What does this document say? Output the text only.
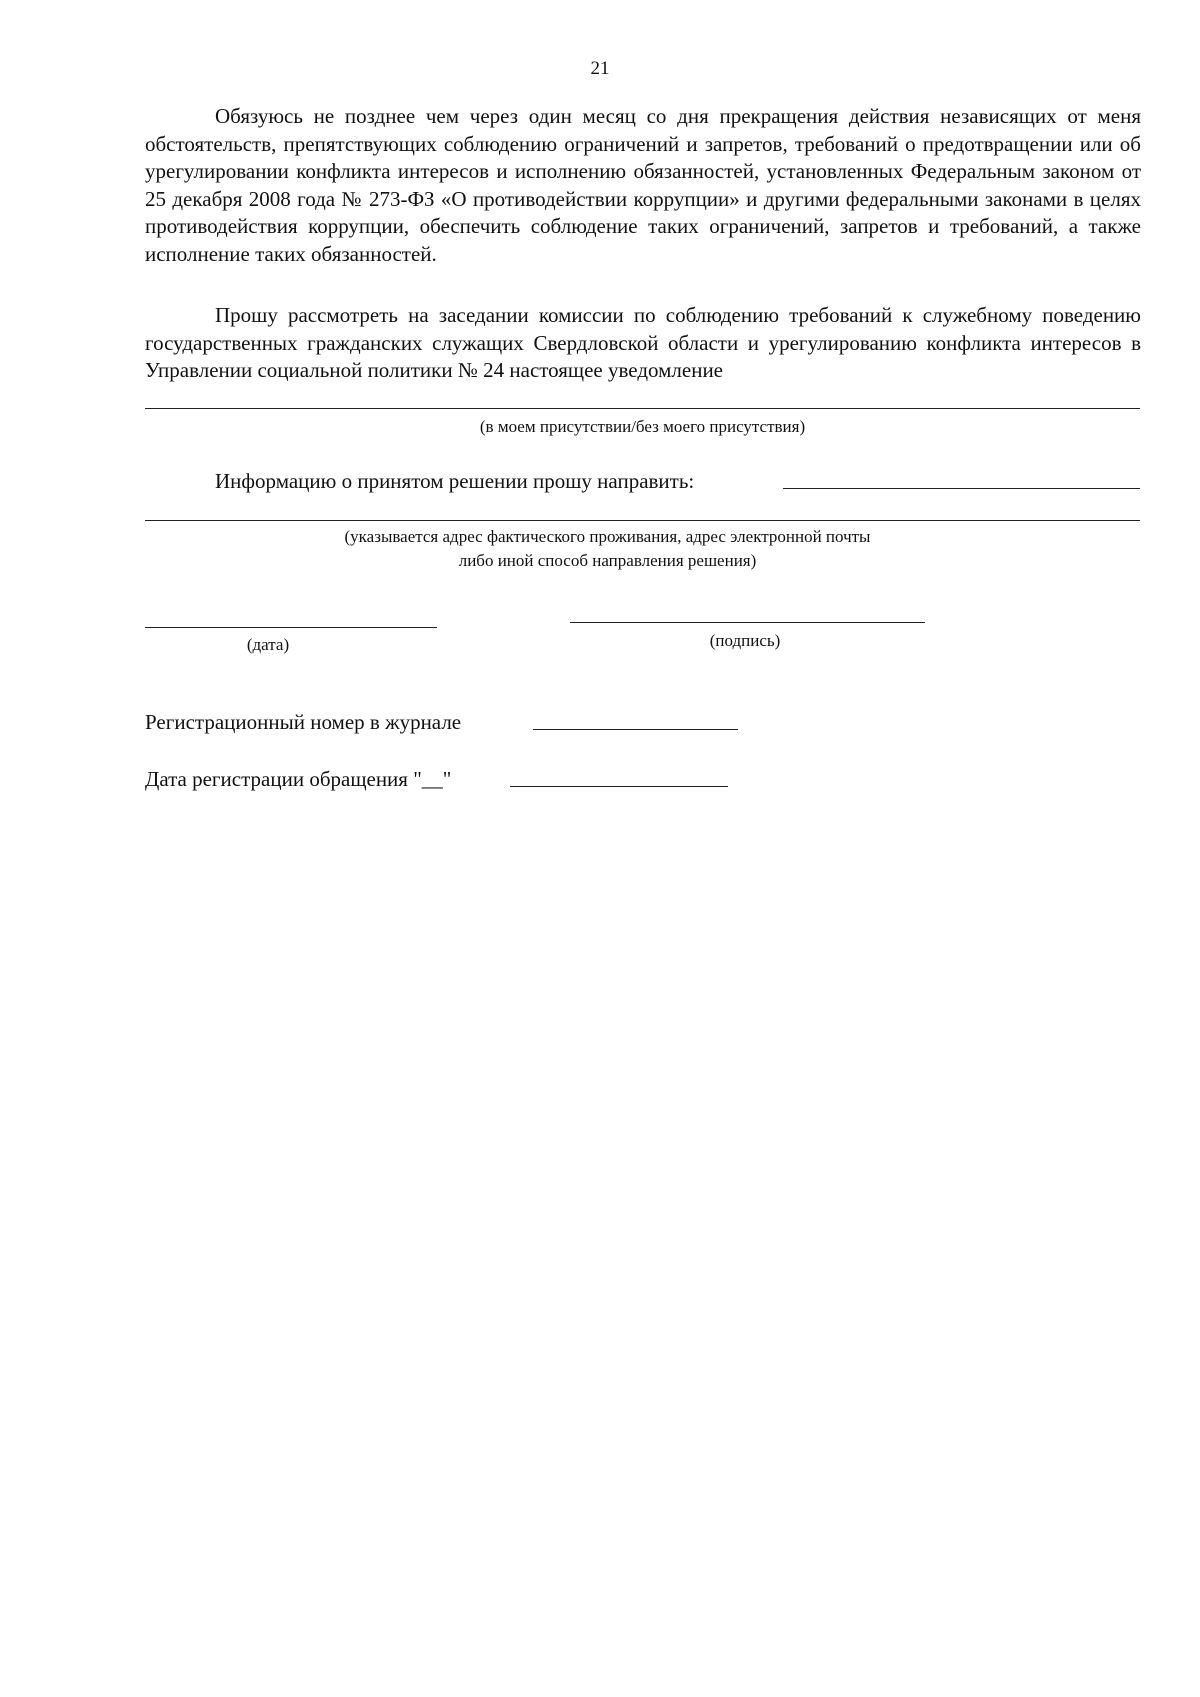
21

Обязуюсь не позднее чем через один месяц со дня прекращения действия независящих от меня обстоятельств, препятствующих соблюдению ограничений и запретов, требований о предотвращении или об урегулировании конфликта интересов и исполнению обязанностей, установленных Федеральным законом от 25 декабря 2008 года № 273-ФЗ «О противодействии коррупции» и другими федеральными законами в целях противодействия коррупции, обеспечить соблюдение таких ограничений, запретов и требований, а также исполнение таких обязанностей.

Прошу рассмотреть на заседании комиссии по соблюдению требований к служебному поведению государственных гражданских служащих Свердловской области и урегулированию конфликта интересов в Управлении социальной политики № 24 настоящее уведомление

(в моем присутствии/без моего присутствия)
Информацию о принятом решении прошу направить:
(указывается адрес фактического проживания, адрес электронной почты
либо иной способ направления решения)
(дата)	(подпись)
Регистрационный номер в журнале
Дата регистрации обращения "__"
